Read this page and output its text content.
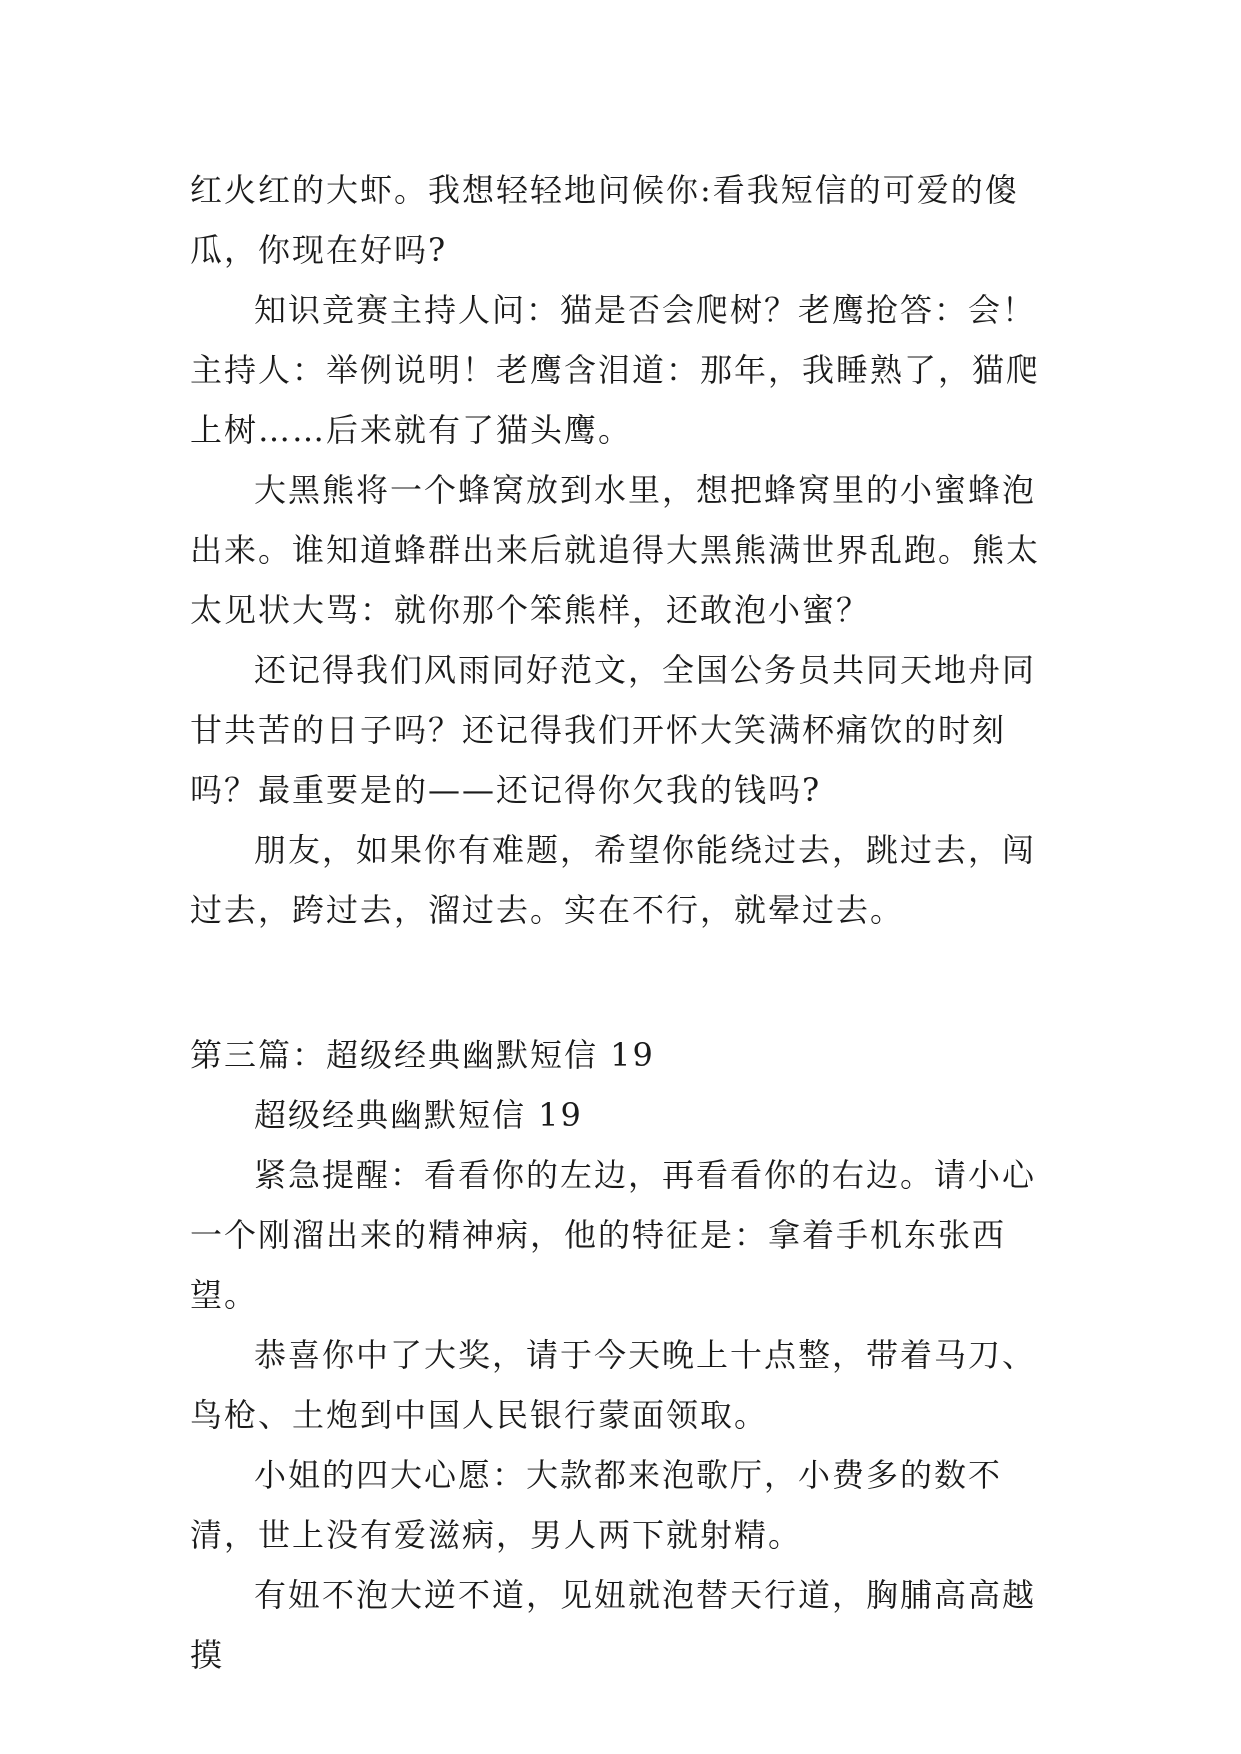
红火红的大虾。我想轻轻地问候你:看我短信的可爱的傻瓜，你现在好吗?

知识竞赛主持人问：猫是否会爬树？老鹰抢答：会！主持人：举例说明！老鹰含泪道：那年，我睡熟了，猫爬上树……后来就有了猫头鹰。

大黑熊将一个蜂窝放到水里，想把蜂窝里的小蜜蜂泡出来。谁知道蜂群出来后就追得大黑熊满世界乱跑。熊太太见状大骂：就你那个笨熊样，还敢泡小蜜？

还记得我们风雨同好范文，全国公务员共同天地舟同甘共苦的日子吗？还记得我们开怀大笑满杯痛饮的时刻吗？最重要是的——还记得你欠我的钱吗?

朋友，如果你有难题，希望你能绕过去，跳过去，闯过去，跨过去，溜过去。实在不行，就晕过去。

第三篇：超级经典幽默短信 19

超级经典幽默短信 19

紧急提醒：看看你的左边，再看看你的右边。请小心一个刚溜出来的精神病，他的特征是：拿着手机东张西望。

恭喜你中了大奖，请于今天晚上十点整，带着马刀、鸟枪、土炮到中国人民银行蒙面领取。

小姐的四大心愿：大款都来泡歌厅，小费多的数不清，世上没有爱滋病，男人两下就射精。

有妞不泡大逆不道，见妞就泡替天行道，胸脯高高越摸
